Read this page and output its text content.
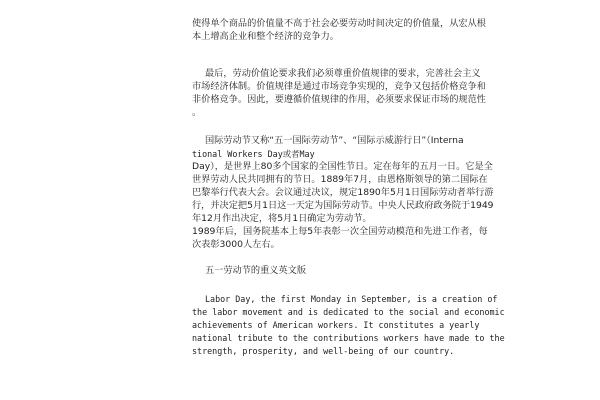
使得单个商品的价值量不高于社会必要劳动时间决定的价值量，从宏从根
本上增高企业和整个经济的竞争力。
最后，劳动价值论要求我们必须尊重价值规律的要求，完善社会主义
市场经济体制。价值规律是通过市场竞争实现的，竞争又包括价格竞争和
非价格竞争。因此，要遵循价值规律的作用，必须要求保证市场的规范性
。
国际劳动节又称“五一国际劳动节”、“国际示威游行日”（Interna
tional Workers Day或者May
Day），是世界上80多个国家的全国性节日。定在每年的五月一日。它是全
世界劳动人民共同拥有的节日。1889年7月，由恩格斯领导的第二国际在
巴黎举行代表大会。会议通过决议，规定1890年5月1日国际劳动者举行游
行，并决定把5月1日这一天定为国际劳动节。中央人民政府政务院于1949
年12月作出决定，将5月1日确定为劳动节。
1989年后，国务院基本上每5年表彰一次全国劳动模范和先进工作者，每
次表彰3000人左右。
五一劳动节的重义英文版
Labor Day, the first Monday in September, is a creation of
the labor movement and is dedicated to the social and economic
achievements of American workers. It constitutes a yearly
national tribute to the contributions workers have made to the
strength, prosperity, and well-being of our country.
